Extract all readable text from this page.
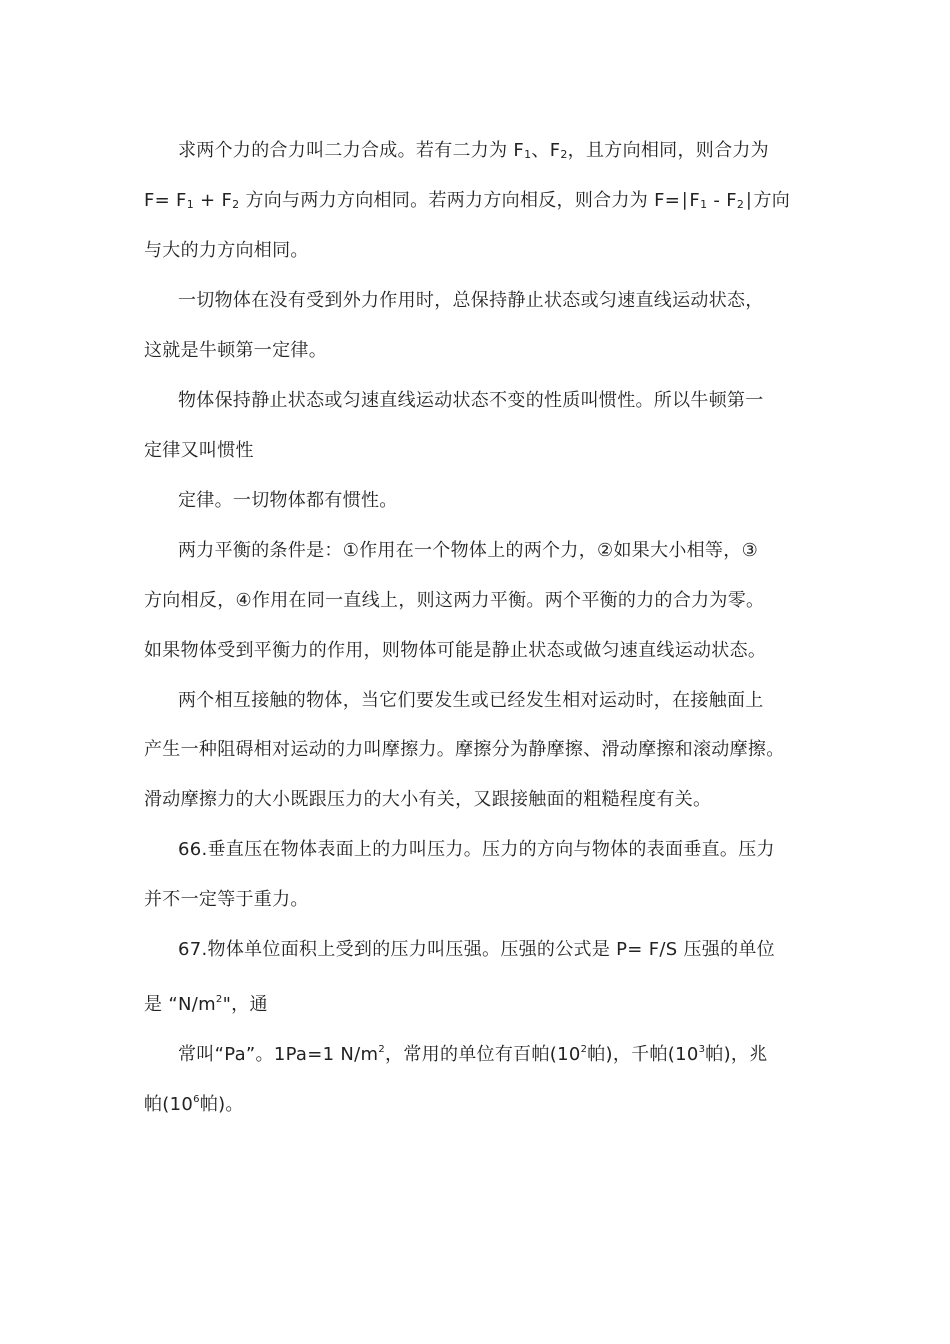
求两个力的合力叫二力合成。若有二力为 F1、F2，且方向相同，则合力为
F= F1 + F2 方向与两力方向相同。若两力方向相反，则合力为 F=∣F1 - F2∣方向
与大的力方向相同。
一切物体在没有受到外力作用时，总保持静止状态或匀速直线运动状态，
这就是牛顿第一定律。
物体保持静止状态或匀速直线运动状态不变的性质叫惯性。所以牛顿第一
定律又叫惯性
定律。一切物体都有惯性。
两力平衡的条件是：①作用在一个物体上的两个力，②如果大小相等，③
方向相反，④作用在同一直线上，则这两力平衡。两个平衡的力的合力为零。
如果物体受到平衡力的作用，则物体可能是静止状态或做匀速直线运动状态。
两个相互接触的物体，当它们要发生或已经发生相对运动时，在接触面上
产生一种阻碍相对运动的力叫摩擦力。摩擦分为静摩擦、滑动摩擦和滚动摩擦。
滑动摩擦力的大小既跟压力的大小有关，又跟接触面的粗糙程度有关。
66.垂直压在物体表面上的力叫压力。压力的方向与物体的表面垂直。压力
并不一定等于重力。
67.物体单位面积上受到的压力叫压强。压强的公式是 P= F/S 压强的单位
是 “$N/m^2$"，通
常叫“Pa”。1Pa=1 $N/m^2$，常用的单位有百帕($10^2$帕)，千帕($10^3$帕)，兆
帕($10^6$帕)。
